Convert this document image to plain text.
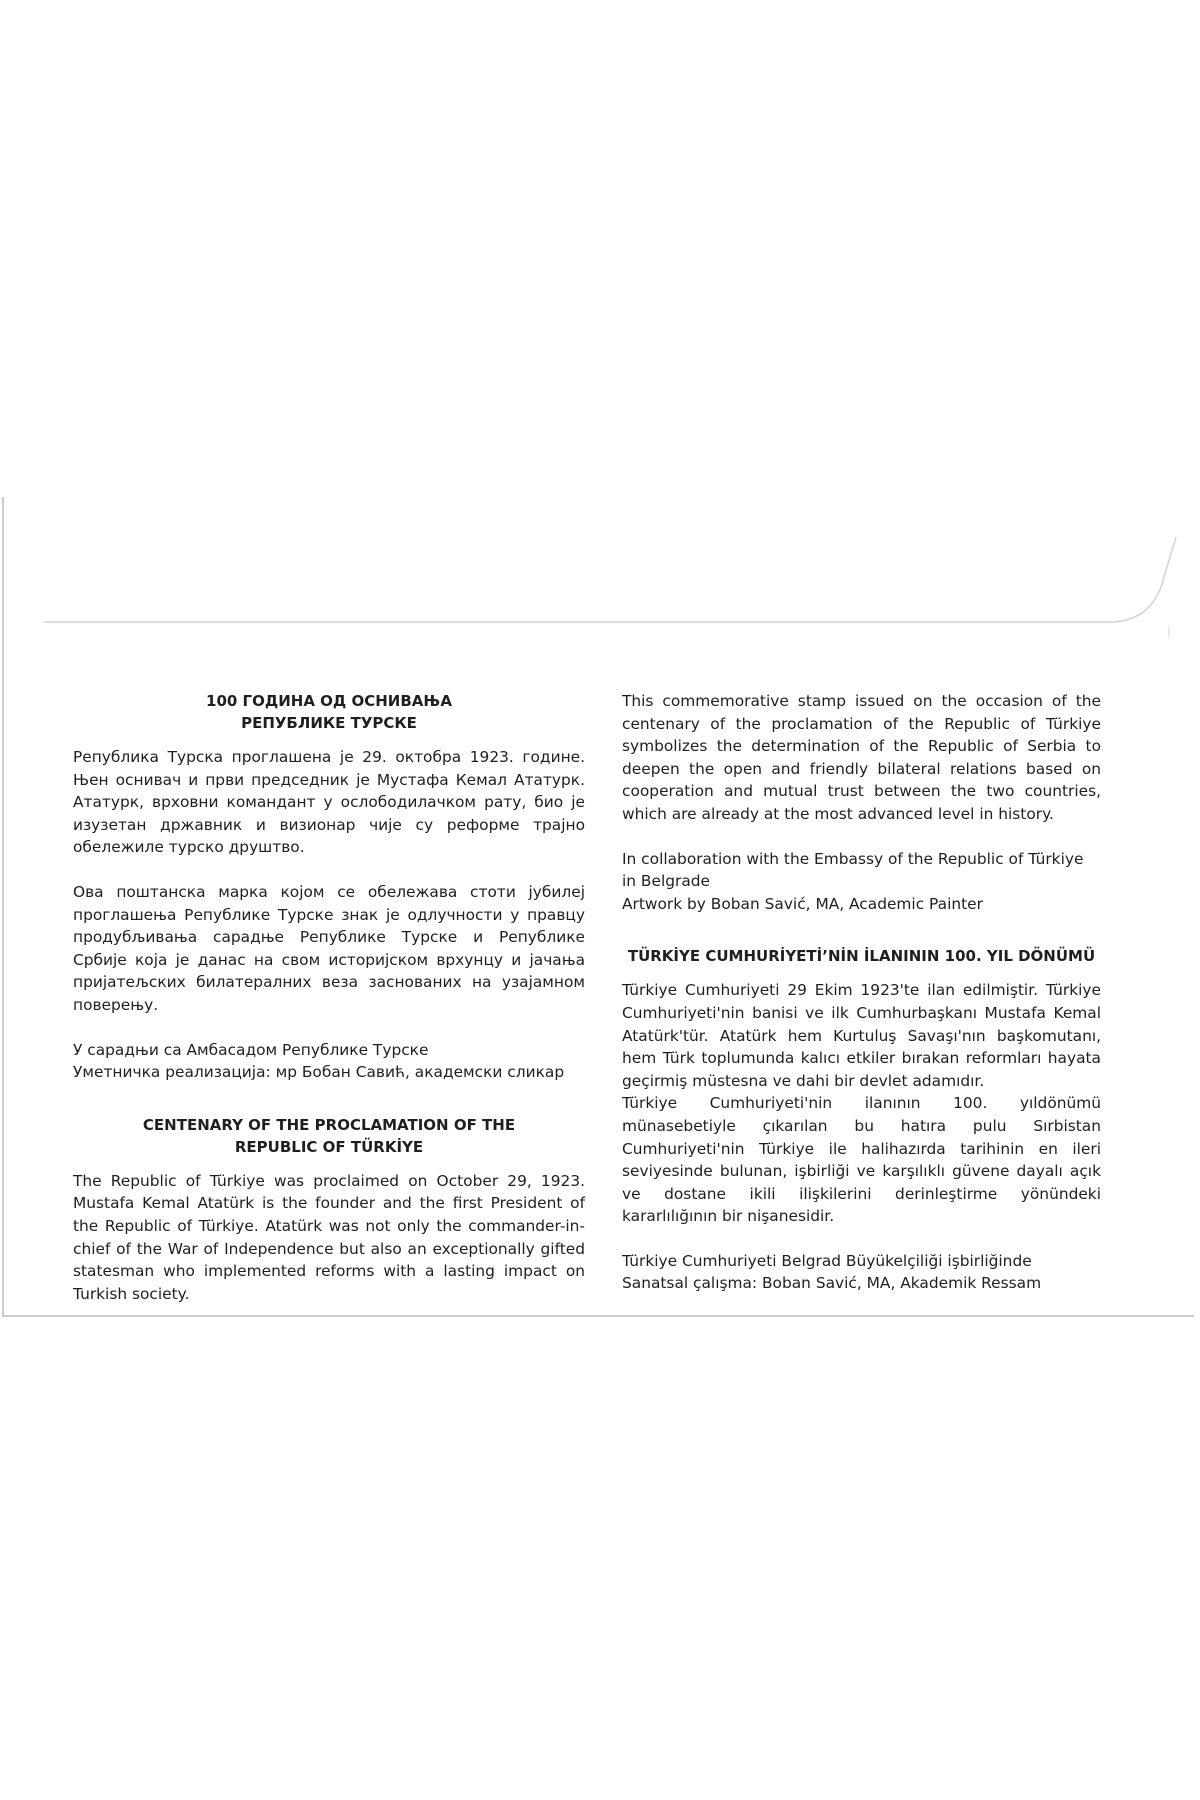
100 ГОДИНА ОД ОСНИВАЊА
РЕПУБЛИКЕ ТУРСКЕ

Република Турска проглашена је 29. октобра 1923. године. Њен оснивач и први председник је Мустафа Кемал Ататурк. Ататурк, врховни командант у ослободилачком рату, био је изузетан државник и визионар чије су реформе трајно обележиле турско друштво.

Ова поштанска марка којом се обележава стоти јубилеј проглашења Републике Турске знак је одлучности у правцу продубљивања сарадње Републике Турске и Републике Србије која је данас на свом историјском врхунцу и јачања пријатељских билатералних веза заснованих на узајамном поверењу.

У сарадњи са Амбасадом Републике Турске

Уметничка реализација: мр Бобан Савић, академски сликар

CENTENARY OF THE PROCLAMATION OF THE
REPUBLIC OF TÜRKİYE

The Republic of Türkiye was proclaimed on October 29, 1923. Mustafa Kemal Atatürk is the founder and the first President of the Republic of Türkiye. Atatürk was not only the commander-in-chief of the War of Independence but also an exceptionally gifted statesman who implemented reforms with a lasting impact on Turkish society.

This commemorative stamp issued on the occasion of the centenary of the proclamation of the Republic of Türkiye symbolizes the determination of the Republic of Serbia to deepen the open and friendly bilateral relations based on cooperation and mutual trust between the two countries, which are already at the most advanced level in history.

In collaboration with the Embassy of the Republic of Türkiye in Belgrade

Artwork by Boban Savić, MA, Academic Painter

TÜRKİYE CUMHURİYETİ’NİN İLANININ 100. YIL DÖNÜMÜ

Türkiye Cumhuriyeti 29 Ekim 1923'te ilan edilmiştir. Türkiye Cumhuriyeti'nin banisi ve ilk Cumhurbaşkanı Mustafa Kemal Atatürk'tür. Atatürk hem Kurtuluş Savaşı'nın başkomutanı, hem Türk toplumunda kalıcı etkiler bırakan reformları hayata geçirmiş müstesna ve dahi bir devlet adamıdır.

Türkiye Cumhuriyeti'nin ilanının 100. yıldönümü münasebetiyle çıkarılan bu hatıra pulu Sırbistan Cumhuriyeti'nin Türkiye ile halihazırda tarihinin en ileri seviyesinde bulunan, işbirliği ve karşılıklı güvene dayalı açık ve dostane ikili ilişkilerini derinleştirme yönündeki kararlılığının bir nişanesidir.

Türkiye Cumhuriyeti Belgrad Büyükelçiliği işbirliğinde

Sanatsal çalışma: Boban Savić, MA, Akademik Ressam
